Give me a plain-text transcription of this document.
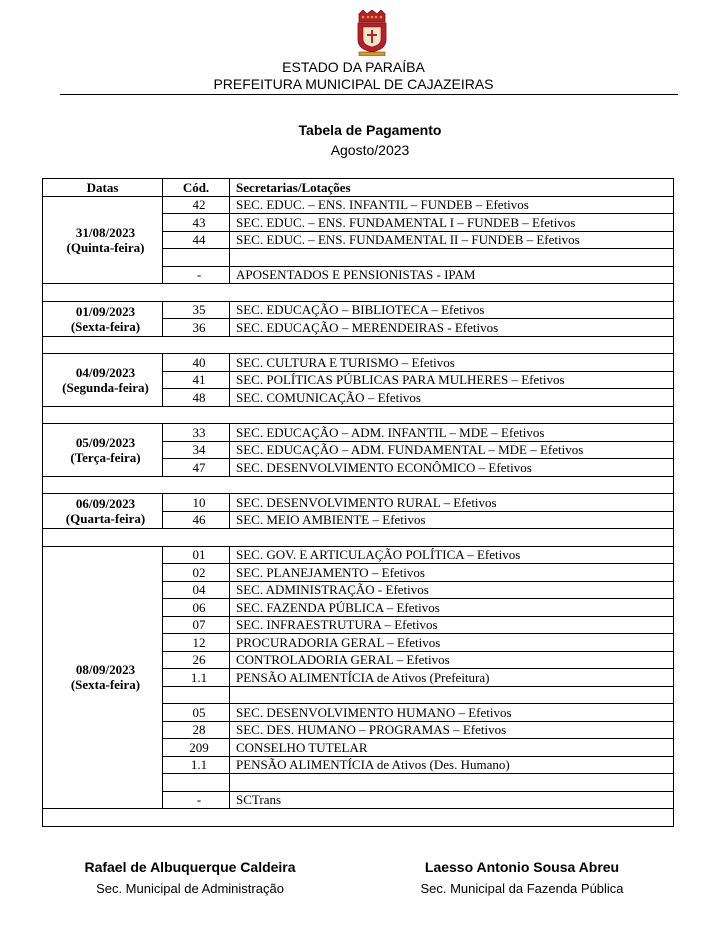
ESTADO DA PARAÍBA
PREFEITURA MUNICIPAL DE CAJAZEIRAS
Tabela de Pagamento
Agosto/2023
Datas	Cód.	Secretarias/Lotações

31/08/2023
(Quinta-feira)	42	SEC. EDUC. – ENS. INFANTIL – FUNDEB – Efetivos
	43	SEC. EDUC. – ENS. FUNDAMENTAL I – FUNDEB – Efetivos
	44	SEC. EDUC. – ENS. FUNDAMENTAL II – FUNDEB – Efetivos

	-	APOSENTADOS E PENSIONISTAS - IPAM

01/09/2023
(Sexta-feira)	35	SEC. EDUCAÇÃO – BIBLIOTECA – Efetivos
	36	SEC. EDUCAÇÃO – MERENDEIRAS - Efetivos

04/09/2023
(Segunda-feira)	40	SEC. CULTURA E TURISMO – Efetivos
	41	SEC. POLÍTICAS PÚBLICAS PARA MULHERES – Efetivos
	48	SEC. COMUNICAÇÃO – Efetivos

05/09/2023
(Terça-feira)	33	SEC. EDUCAÇÃO – ADM. INFANTIL – MDE – Efetivos
	34	SEC. EDUCAÇÃO – ADM. FUNDAMENTAL – MDE – Efetivos
	47	SEC. DESENVOLVIMENTO ECONÔMICO – Efetivos

06/09/2023
(Quarta-feira)	10	SEC. DESENVOLVIMENTO RURAL – Efetivos
	46	SEC. MEIO AMBIENTE – Efetivos

08/09/2023
(Sexta-feira)	01	SEC. GOV. E ARTICULAÇÃO POLÍTICA – Efetivos
	02	SEC. PLANEJAMENTO – Efetivos
	04	SEC. ADMINISTRAÇÃO - Efetivos
	06	SEC. FAZENDA PÚBLICA – Efetivos
	07	SEC. INFRAESTRUTURA – Efetivos
	12	PROCURADORIA GERAL – Efetivos
	26	CONTROLADORIA GERAL – Efetivos
	1.1	PENSÃO ALIMENTÍCIA de Ativos (Prefeitura)

	05	SEC. DESENVOLVIMENTO HUMANO – Efetivos
	28	SEC. DES. HUMANO – PROGRAMAS – Efetivos
	209	CONSELHO TUTELAR
	1.1	PENSÃO ALIMENTÍCIA de Ativos (Des. Humano)

	-	SCTrans

Rafael de Albuquerque Caldeira
Sec. Municipal de Administração
Laesso Antonio Sousa Abreu
Sec. Municipal da Fazenda Pública
